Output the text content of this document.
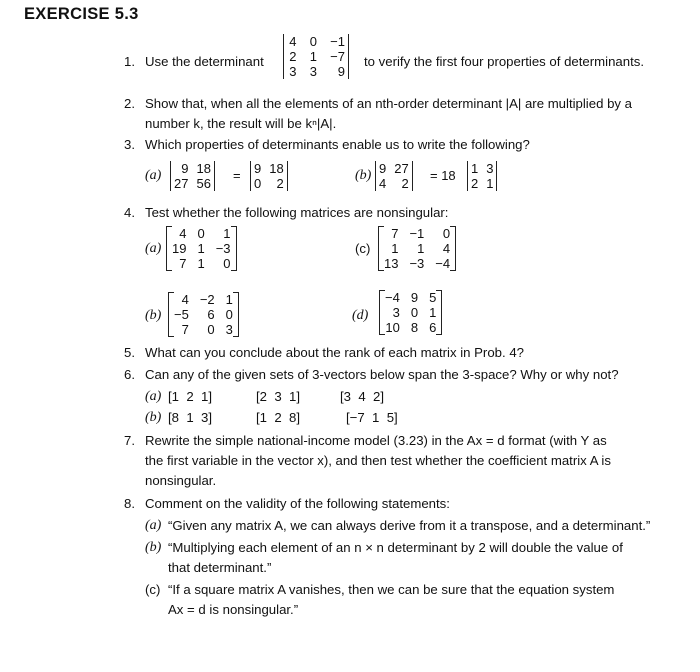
EXERCISE 5.3
1. Use the determinant
4 0 −1
2 1 −7
3 3	9
to verify the first four properties of determinants.
2. Show that, when all the elements of an nth-order determinant |A| are multiplied by a
number k, the result will be kⁿ|A|.
3. Which properties of determinants enable us to write the following?
(a)	9 18
27 56
= 9 18
0	2
(b) 9 27
4	2
= 18 1 3
2 1
4. Test whether the following matrices are nonsingular:
(a)
4 0	1
19 1 −3
7 1	0
(c)
7 −1	0
1	1	4
13 −3 −4
(b)
4 −2 1
−5	6 0
7	0 3
(d)
−4 9 5
3 0 1
10 8 6
5. What can you conclude about the rank of each matrix in Prob. 4?
6. Can any of the given sets of 3-vectors below span the 3-space? Why or why not?
(a) [1  2  1]	[2  3  1]	[3  4  2]
(b) [8  1  3]	[1  2  8]	[−7  1  5]
7. Rewrite the simple national-income model (3.23) in the Ax = d format (with Y as
the first variable in the vector x), and then test whether the coefficient matrix A is
nonsingular.
8. Comment on the validity of the following statements:
(a) “Given any matrix A, we can always derive from it a transpose, and a determinant.”
(b) “Multiplying each element of an n × n determinant by 2 will double the value of
that determinant.”
(c) “If a square matrix A vanishes, then we can be sure that the equation system
Ax = d is nonsingular.”
